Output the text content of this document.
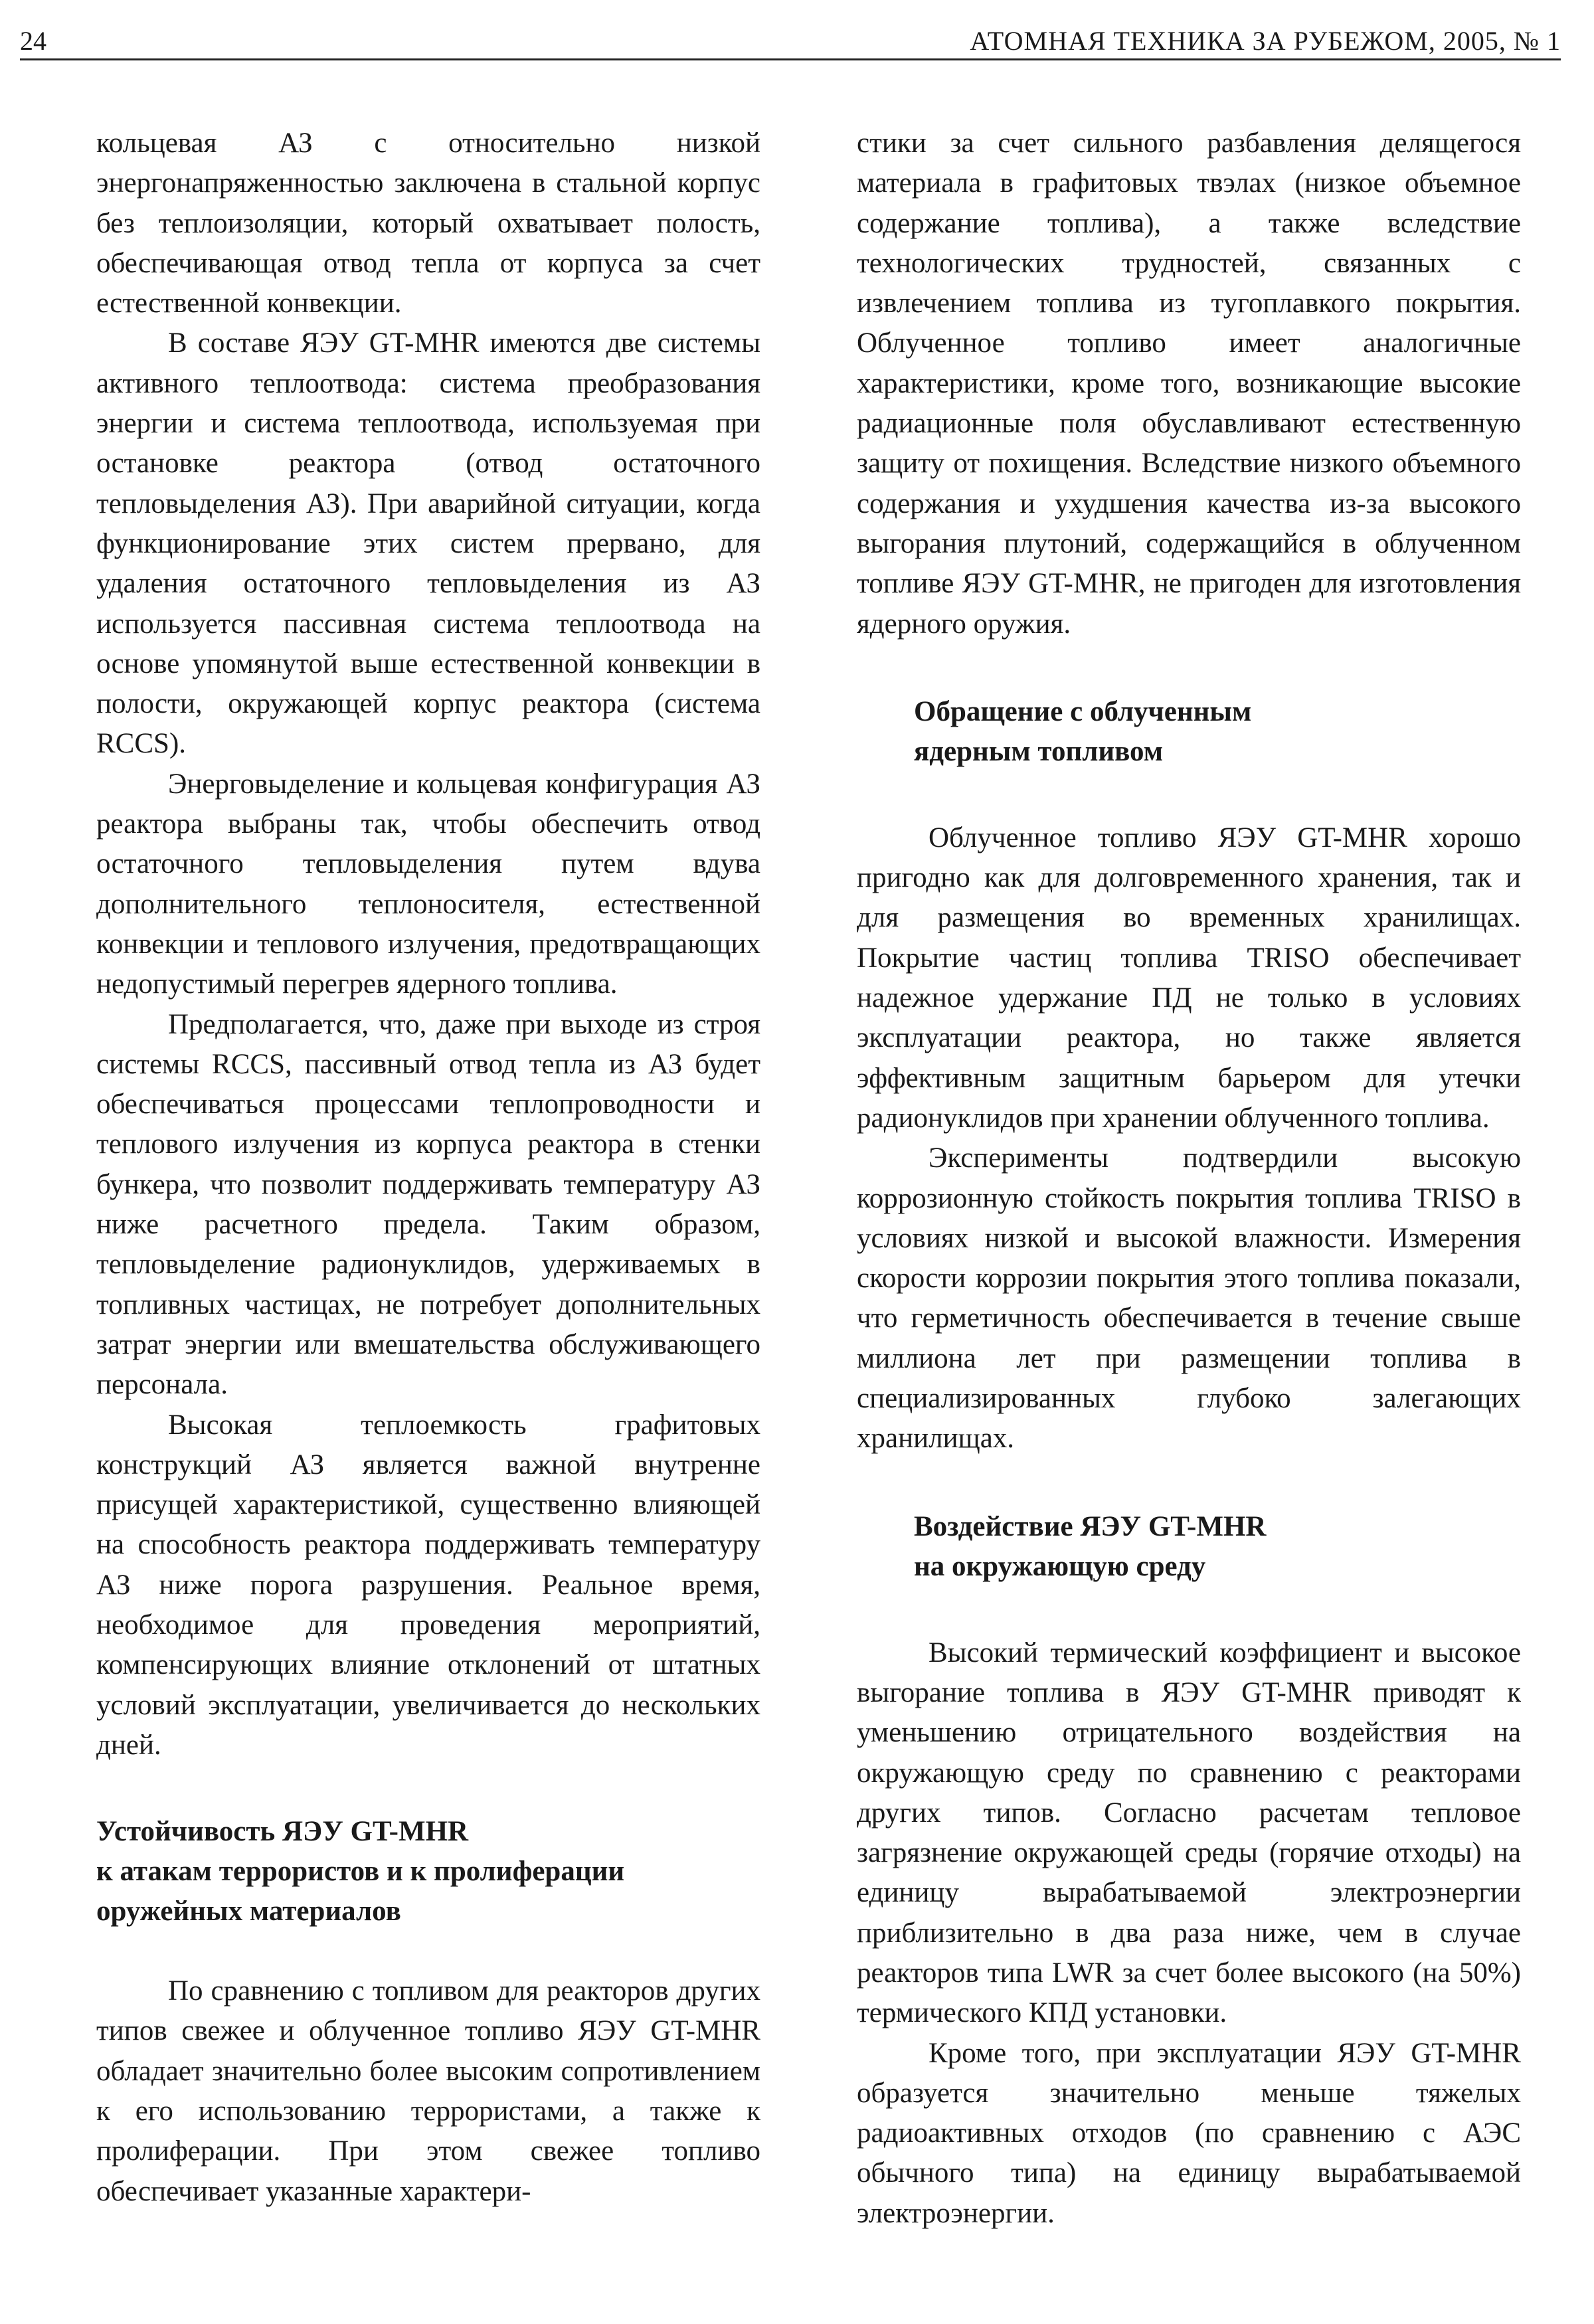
24	АТОМНАЯ ТЕХНИКА ЗА РУБЕЖОМ, 2005, № 1

кольцевая АЗ с относительно низкой энергонапряженностью заключена в стальной корпус без теплоизоляции, который охватывает полость, обеспечивающая отвод тепла от корпуса за счет естественной конвекции.

В составе ЯЭУ GT-MHR имеются две системы активного теплоотвода: система преобразования энергии и система теплоотвода, используемая при остановке реактора (отвод остаточного тепловыделения АЗ). При аварийной ситуации, когда функционирование этих систем прервано, для удаления остаточного тепловыделения из АЗ используется пассивная система теплоотвода на основе упомянутой выше естественной конвекции в полости, окружающей корпус реактора (система RCCS).

Энерговыделение и кольцевая конфигурация АЗ реактора выбраны так, чтобы обеспечить отвод остаточного тепловыделения путем вдува дополнительного теплоносителя, естественной конвекции и теплового излучения, предотвращающих недопустимый перегрев ядерного топлива.

Предполагается, что, даже при выходе из строя системы RCCS, пассивный отвод тепла из АЗ будет обеспечиваться процессами теплопроводности и теплового излучения из корпуса реактора в стенки бункера, что позволит поддерживать температуру АЗ ниже расчетного предела. Таким образом, тепловыделение радионуклидов, удерживаемых в топливных частицах, не потребует дополнительных затрат энергии или вмешательства обслуживающего персонала.

Высокая теплоемкость графитовых конструкций АЗ является важной внутренне присущей характеристикой, существенно влияющей на способность реактора поддерживать температуру АЗ ниже порога разрушения. Реальное время, необходимое для проведения мероприятий, компенсирующих влияние отклонений от штатных условий эксплуатации, увеличивается до нескольких дней.

Устойчивость ЯЭУ GT-MHR
к атакам террористов и к пролиферации
оружейных материалов

По сравнению с топливом для реакторов других типов свежее и облученное топливо ЯЭУ GT-MHR обладает значительно более высоким сопротивлением к его использованию террористами, а также к пролиферации. При этом свежее топливо обеспечивает указанные характери-

стики за счет сильного разбавления делящегося материала в графитовых твэлах (низкое объемное содержание топлива), а также вследствие технологических трудностей, связанных с извлечением топлива из тугоплавкого покрытия. Облученное топливо имеет аналогичные характеристики, кроме того, возникающие высокие радиационные поля обуславливают естественную защиту от похищения. Вследствие низкого объемного содержания и ухудшения качества из-за высокого выгорания плутоний, содержащийся в облученном топливе ЯЭУ GT-MHR, не пригоден для изготовления ядерного оружия.

Обращение с облученным
ядерным топливом

Облученное топливо ЯЭУ GT-MHR хорошо пригодно как для долговременного хранения, так и для размещения во временных хранилищах. Покрытие частиц топлива TRISO обеспечивает надежное удержание ПД не только в условиях эксплуатации реактора, но также является эффективным защитным барьером для утечки радионуклидов при хранении облученного топлива.

Эксперименты подтвердили высокую коррозионную стойкость покрытия топлива TRISO в условиях низкой и высокой влажности. Измерения скорости коррозии покрытия этого топлива показали, что герметичность обеспечивается в течение свыше миллиона лет при размещении топлива в специализированных глубоко залегающих хранилищах.

Воздействие ЯЭУ GT-MHR
на окружающую среду

Высокий термический коэффициент и высокое выгорание топлива в ЯЭУ GT-MHR приводят к уменьшению отрицательного воздействия на окружающую среду по сравнению с реакторами других типов. Согласно расчетам тепловое загрязнение окружающей среды (горячие отходы) на единицу вырабатываемой электроэнергии приблизительно в два раза ниже, чем в случае реакторов типа LWR за счет более высокого (на 50%) термического КПД установки.

Кроме того, при эксплуатации ЯЭУ GT-MHR образуется значительно меньше тяжелых радиоактивных отходов (по сравнению с АЭС обычного типа) на единицу вырабатываемой электроэнергии.
